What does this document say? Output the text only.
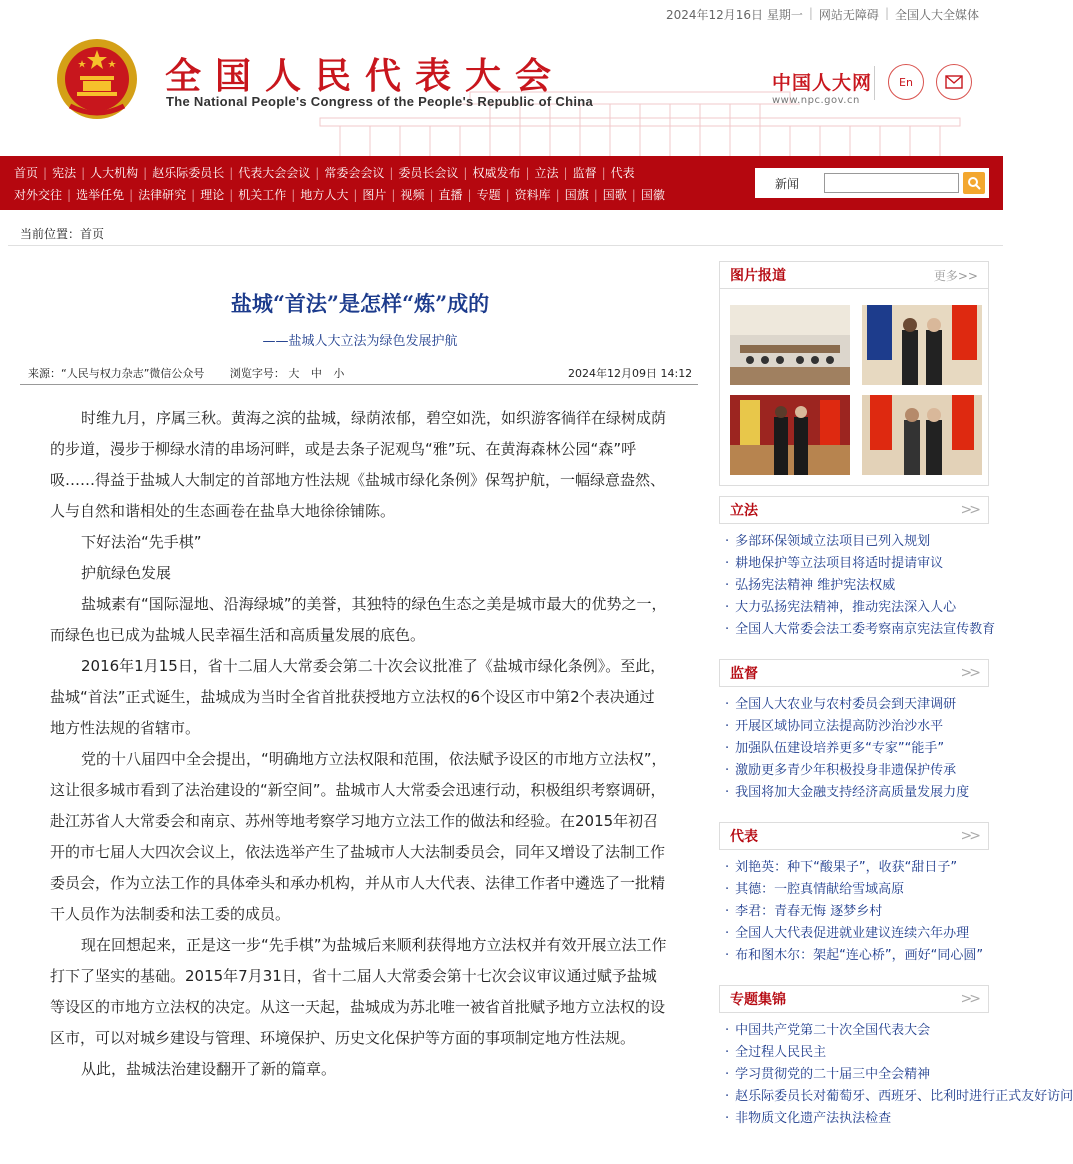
2024年12月16日 星期一 | 网站无障碍 | 全国人大全媒体
全国人民代表大会
The National People's Congress of the People's Republic of China
中国人大网
www.npc.gov.cn
En
首页 | 宪法 | 人大机构 | 赵乐际委员长 | 代表大会会议 | 常委会会议 | 委员长会议 | 权威发布 | 立法 | 监督 | 代表
对外交往 | 选举任免 | 法律研究 | 理论 | 机关工作 | 地方人大 | 图片 | 视频 | 直播 | 专题 | 资料库 | 国旗 | 国歌 | 国徽
新闻
当前位置：首页
盐城“首法”是怎样“炼”成的
——盐城人大立法为绿色发展护航
来源：“人民与权力杂志”微信公众号 浏览字号： 大 中 小	2024年12月09日 14:12

时维九月，序属三秋。黄海之滨的盐城，绿荫浓郁，碧空如洗，如织游客徜徉在绿树成荫的步道，漫步于柳绿水清的串场河畔，或是去条子泥观鸟“雅”玩、在黄海森林公园“森”呼吸……得益于盐城人大制定的首部地方性法规《盐城市绿化条例》保驾护航，一幅绿意盎然、人与自然和谐相处的生态画卷在盐阜大地徐徐铺陈。

下好法治“先手棋”

护航绿色发展

盐城素有“国际湿地、沿海绿城”的美誉，其独特的绿色生态之美是城市最大的优势之一，而绿色也已成为盐城人民幸福生活和高质量发展的底色。

2016年1月15日，省十二届人大常委会第二十次会议批准了《盐城市绿化条例》。至此，盐城“首法”正式诞生，盐城成为当时全省首批获授地方立法权的6个设区市中第2个表决通过地方性法规的省辖市。

党的十八届四中全会提出，“明确地方立法权限和范围，依法赋予设区的市地方立法权”，这让很多城市看到了法治建设的“新空间”。盐城市人大常委会迅速行动，积极组织考察调研，赴江苏省人大常委会和南京、苏州等地考察学习地方立法工作的做法和经验。在2015年初召开的市七届人大四次会议上，依法选举产生了盐城市人大法制委员会，同年又增设了法制工作委员会，作为立法工作的具体牵头和承办机构，并从市人大代表、法律工作者中遴选了一批精干人员作为法制委和法工委的成员。

现在回想起来，正是这一步“先手棋”为盐城后来顺利获得地方立法权并有效开展立法工作打下了坚实的基础。2015年7月31日，省十二届人大常委会第十七次会议审议通过赋予盐城等设区的市地方立法权的决定。从这一天起，盐城成为苏北唯一被省首批赋予地方立法权的设区市，可以对城乡建设与管理、环境保护、历史文化保护等方面的事项制定地方性法规。

从此，盐城法治建设翻开了新的篇章。

图片报道	更多>>
立法	>>
· 多部环保领域立法项目已列入规划
· 耕地保护等立法项目将适时提请审议
· 弘扬宪法精神 维护宪法权威
· 大力弘扬宪法精神，推动宪法深入人心
· 全国人大常委会法工委考察南京宪法宣传教育
监督	>>
· 全国人大农业与农村委员会到天津调研
· 开展区域协同立法提高防沙治沙水平
· 加强队伍建设培养更多“专家”“能手”
· 激励更多青少年积极投身非遗保护传承
· 我国将加大金融支持经济高质量发展力度
代表	>>
· 刘艳英：种下“酸果子”，收获“甜日子”
· 其德：一腔真情献给雪域高原
· 李君：青春无悔 逐梦乡村
· 全国人大代表促进就业建议连续六年办理
· 布和图木尔：架起“连心桥”，画好“同心圆”
专题集锦	>>
· 中国共产党第二十次全国代表大会
· 全过程人民民主
· 学习贯彻党的二十届三中全会精神
· 赵乐际委员长对葡萄牙、西班牙、比利时进行正式友好访问
· 非物质文化遗产法执法检查
